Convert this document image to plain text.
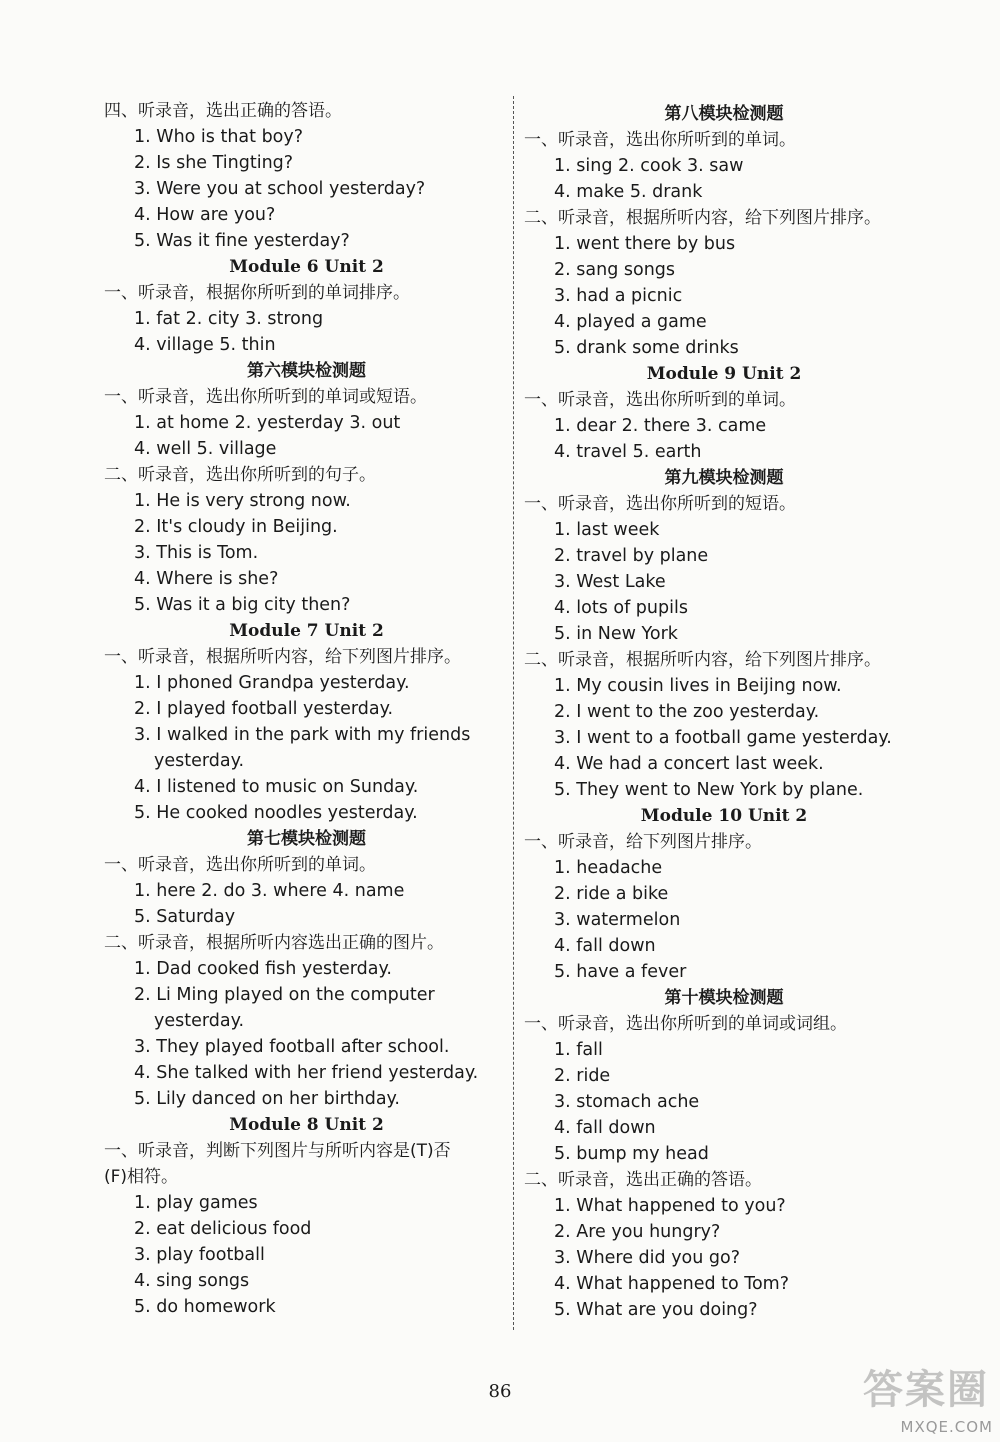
四、听录音，选出正确的答语。
1. Who is that boy?
2. Is she Tingting?
3. Were you at school yesterday?
4. How are you?
5. Was it fine yesterday?
Module 6 Unit 2
一、听录音，根据你所听到的单词排序。
1. fat 2. city 3. strong
4. village 5. thin
第六模块检测题
一、听录音，选出你所听到的单词或短语。
1. at home 2. yesterday 3. out
4. well 5. village
二、听录音，选出你所听到的句子。
1. He is very strong now.
2. It's cloudy in Beijing.
3. This is Tom.
4. Where is she?
5. Was it a big city then?
Module 7 Unit 2
一、听录音，根据所听内容，给下列图片排序。
1. I phoned Grandpa yesterday.
2. I played football yesterday.
3. I walked in the park with my friends
yesterday.
4. I listened to music on Sunday.
5. He cooked noodles yesterday.
第七模块检测题
一、听录音，选出你所听到的单词。
1. here 2. do 3. where 4. name
5. Saturday
二、听录音，根据所听内容选出正确的图片。
1. Dad cooked fish yesterday.
2. Li Ming played on the computer
yesterday.
3. They played football after school.
4. She talked with her friend yesterday.
5. Lily danced on her birthday.
Module 8 Unit 2
一、听录音，判断下列图片与所听内容是(T)否
(F)相符。
1. play games
2. eat delicious food
3. play football
4. sing songs
5. do homework
第八模块检测题
一、听录音，选出你所听到的单词。
1. sing 2. cook 3. saw
4. make 5. drank
二、听录音，根据所听内容，给下列图片排序。
1. went there by bus
2. sang songs
3. had a picnic
4. played a game
5. drank some drinks
Module 9 Unit 2
一、听录音，选出你所听到的单词。
1. dear 2. there 3. came
4. travel 5. earth
第九模块检测题
一、听录音，选出你所听到的短语。
1. last week
2. travel by plane
3. West Lake
4. lots of pupils
5. in New York
二、听录音，根据所听内容，给下列图片排序。
1. My cousin lives in Beijing now.
2. I went to the zoo yesterday.
3. I went to a football game yesterday.
4. We had a concert last week.
5. They went to New York by plane.
Module 10 Unit 2
一、听录音，给下列图片排序。
1. headache
2. ride a bike
3. watermelon
4. fall down
5. have a fever
第十模块检测题
一、听录音，选出你所听到的单词或词组。
1. fall
2. ride
3. stomach ache
4. fall down
5. bump my head
二、听录音，选出正确的答语。
1. What happened to you?
2. Are you hungry?
3. Where did you go?
4. What happened to Tom?
5. What are you doing?
86	答案圈
MXQE.COM
